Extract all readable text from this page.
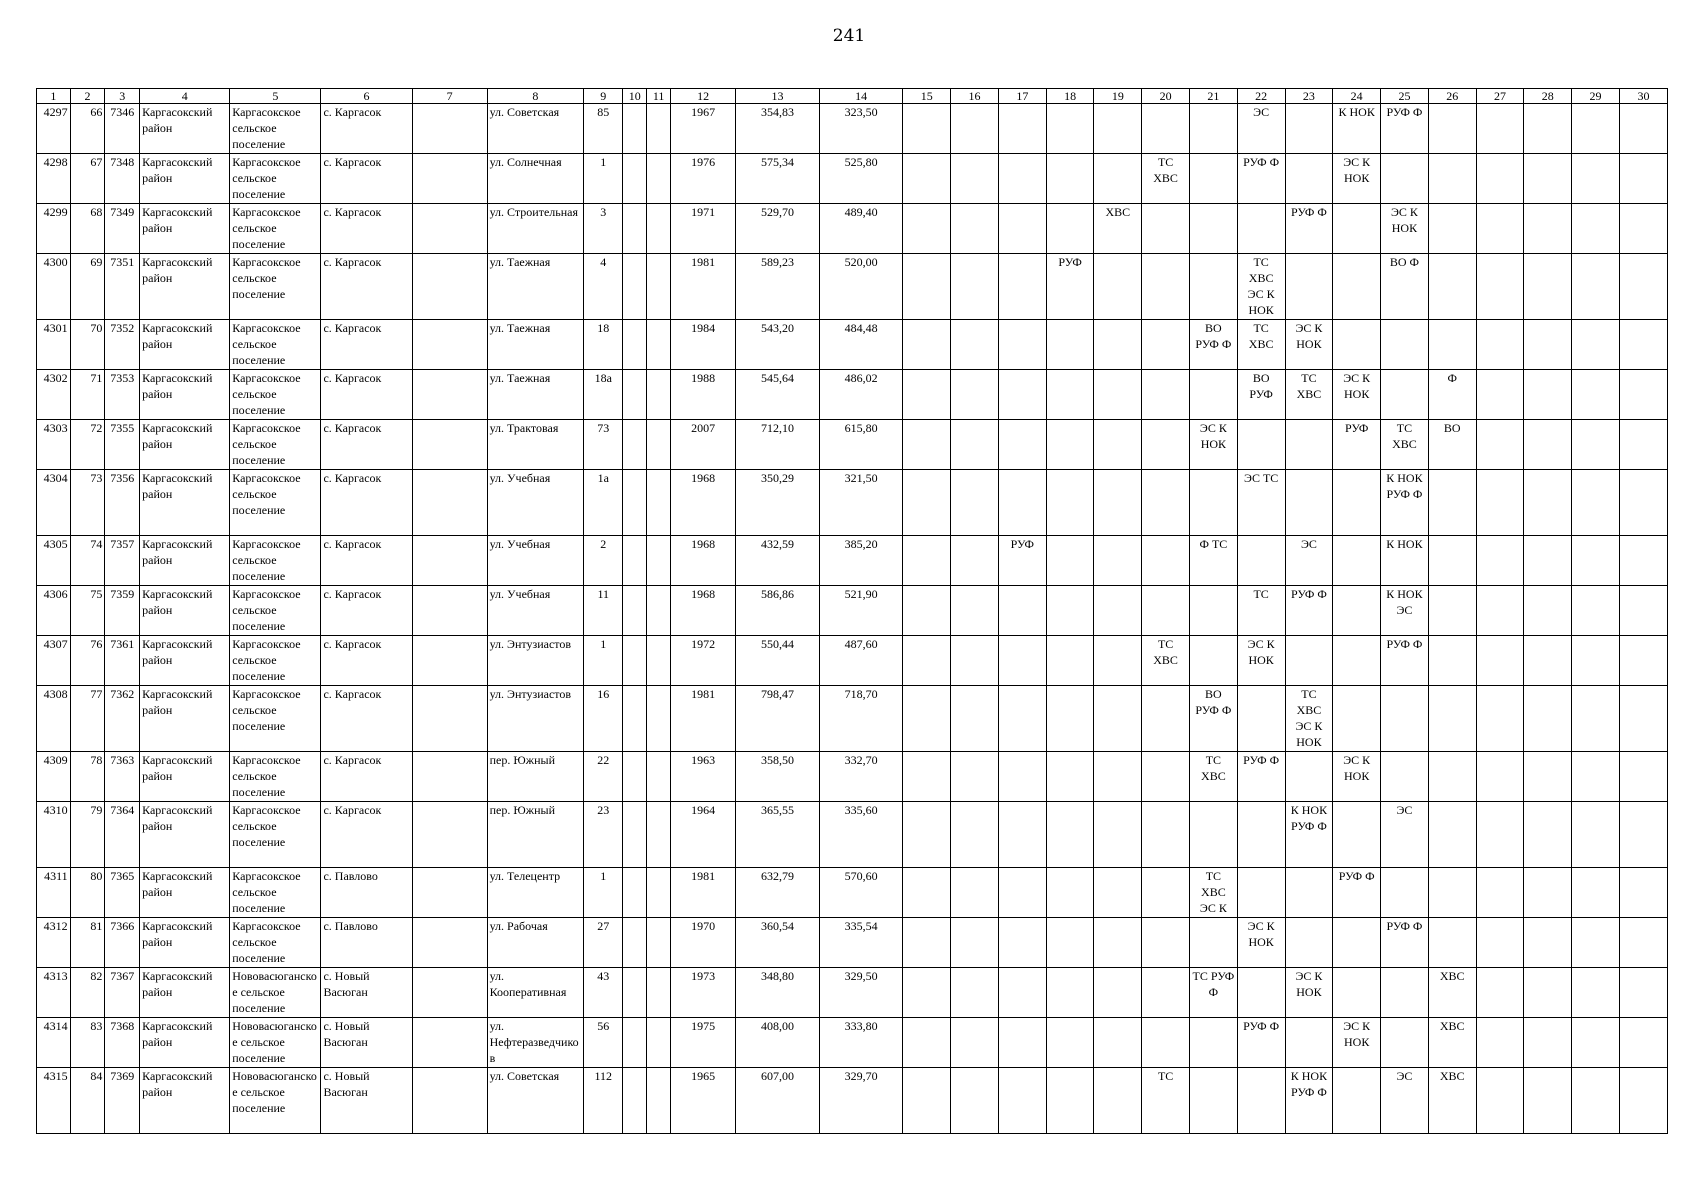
241
1	2	3	4	5	6	7	8	9	10	11	12	13	14	15	16	17	18	19	20	21	22	23	24	25	26	27	28	29	30
4297	66	7346	Каргасокский район	Каргасокское сельское поселение	с. Каргасок		ул. Советская	85			1967	354,83	323,50								ЭС		К НОК	РУФ Ф					
4298	67	7348	Каргасокский район	Каргасокское сельское поселение	с. Каргасок		ул. Солнечная	1			1976	575,34	525,80						ТС ХВС		РУФ Ф		ЭС К НОК						
4299	68	7349	Каргасокский район	Каргасокское сельское поселение	с. Каргасок		ул. Строительная	3			1971	529,70	489,40					ХВС				РУФ Ф		ЭС К НОК					
4300	69	7351	Каргасокский район	Каргасокское сельское поселение	с. Каргасок		ул. Таежная	4			1981	589,23	520,00				РУФ				ТС ХВС ЭС К НОК			ВО Ф					
4301	70	7352	Каргасокский район	Каргасокское сельское поселение	с. Каргасок		ул. Таежная	18			1984	543,20	484,48							ВО РУФ Ф	ТС ХВС	ЭС К НОК							
4302	71	7353	Каргасокский район	Каргасокское сельское поселение	с. Каргасок		ул. Таежная	18а			1988	545,64	486,02								ВО РУФ	ТС ХВС	ЭС К НОК		Ф				
4303	72	7355	Каргасокский район	Каргасокское сельское поселение	с. Каргасок		ул. Трактовая	73			2007	712,10	615,80							ЭС К НОК			РУФ	ТС ХВС	ВО				
4304	73	7356	Каргасокский район	Каргасокское сельское поселение	с. Каргасок		ул. Учебная	1а			1968	350,29	321,50								ЭС ТС			К НОК РУФ Ф					
4305	74	7357	Каргасокский район	Каргасокское сельское поселение	с. Каргасок		ул. Учебная	2			1968	432,59	385,20			РУФ				Ф ТС		ЭС		К НОК					
4306	75	7359	Каргасокский район	Каргасокское сельское поселение	с. Каргасок		ул. Учебная	11			1968	586,86	521,90								ТС	РУФ Ф		К НОК ЭС					
4307	76	7361	Каргасокский район	Каргасокское сельское поселение	с. Каргасок		ул. Энтузиастов	1			1972	550,44	487,60						ТС ХВС		ЭС К НОК			РУФ Ф					
4308	77	7362	Каргасокский район	Каргасокское сельское поселение	с. Каргасок		ул. Энтузиастов	16			1981	798,47	718,70							ВО РУФ Ф		ТС ХВС ЭС К НОК							
4309	78	7363	Каргасокский район	Каргасокское сельское поселение	с. Каргасок		пер. Южный	22			1963	358,50	332,70							ТС ХВС	РУФ Ф		ЭС К НОК						
4310	79	7364	Каргасокский район	Каргасокское сельское поселение	с. Каргасок		пер. Южный	23			1964	365,55	335,60									К НОК РУФ Ф		ЭС					
4311	80	7365	Каргасокский район	Каргасокское сельское поселение	с. Павлово		ул. Телецентр	1			1981	632,79	570,60							ТС ХВС ЭС К			РУФ Ф						
4312	81	7366	Каргасокский район	Каргасокское сельское поселение	с. Павлово		ул. Рабочая	27			1970	360,54	335,54								ЭС К НОК			РУФ Ф					
4313	82	7367	Каргасокский район	Нововасюганское сельское поселение	с. Новый Васюган		ул. Кооперативная	43			1973	348,80	329,50							ТС РУФ Ф		ЭС К НОК			ХВС				
4314	83	7368	Каргасокский район	Нововасюганское сельское поселение	с. Новый Васюган		ул. Нефтеразведчиков	56			1975	408,00	333,80								РУФ Ф		ЭС К НОК		ХВС				
4315	84	7369	Каргасокский район	Нововасюганское сельское поселение	с. Новый Васюган		ул. Советская	112			1965	607,00	329,70						ТС			К НОК РУФ Ф		ЭС	ХВС				
